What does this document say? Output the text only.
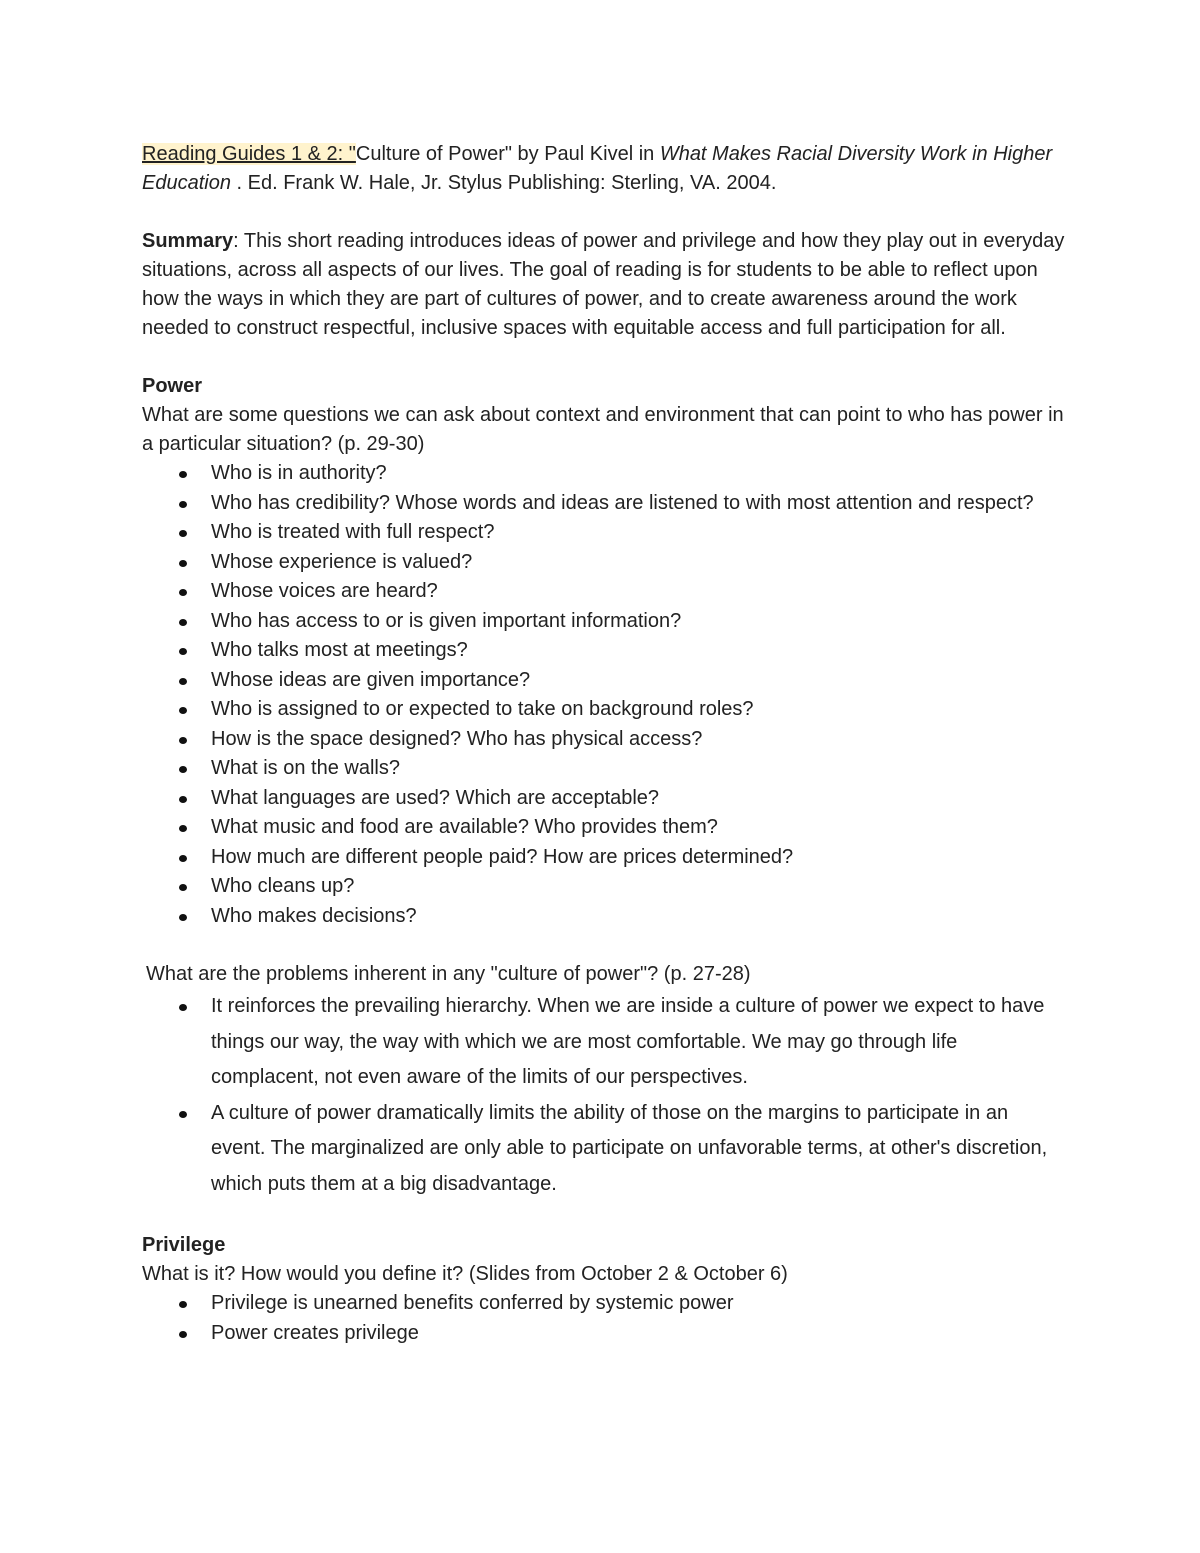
Reading Guides 1 & 2: "Culture of Power" by Paul Kivel in What Makes Racial Diversity Work in Higher Education . Ed. Frank W. Hale, Jr. Stylus Publishing: Sterling, VA. 2004.

Summary: This short reading introduces ideas of power and privilege and how they play out in everyday situations, across all aspects of our lives. The goal of reading is for students to be able to reflect upon how the ways in which they are part of cultures of power, and to create awareness around the work needed to construct respectful, inclusive spaces with equitable access and full participation for all.

Power

What are some questions we can ask about context and environment that can point to who has power in a particular situation? (p. 29-30)

Who is in authority?
Who has credibility? Whose words and ideas are listened to with most attention and respect?
Who is treated with full respect?
Whose experience is valued?
Whose voices are heard?
Who has access to or is given important information?
Who talks most at meetings?
Whose ideas are given importance?
Who is assigned to or expected to take on background roles?
How is the space designed? Who has physical access?
What is on the walls?
What languages are used? Which are acceptable?
What music and food are available? Who provides them?
How much are different people paid? How are prices determined?
Who cleans up?
Who makes decisions?

What are the problems inherent in any "culture of power"? (p. 27-28)

It reinforces the prevailing hierarchy. When we are inside a culture of power we expect to have things our way, the way with which we are most comfortable. We may go through life complacent, not even aware of the limits of our perspectives.
A culture of power dramatically limits the ability of those on the margins to participate in an event. The marginalized are only able to participate on unfavorable terms, at other's discretion, which puts them at a big disadvantage.

Privilege

What is it? How would you define it? (Slides from October 2 & October 6)

Privilege is unearned benefits conferred by systemic power
Power creates privilege
